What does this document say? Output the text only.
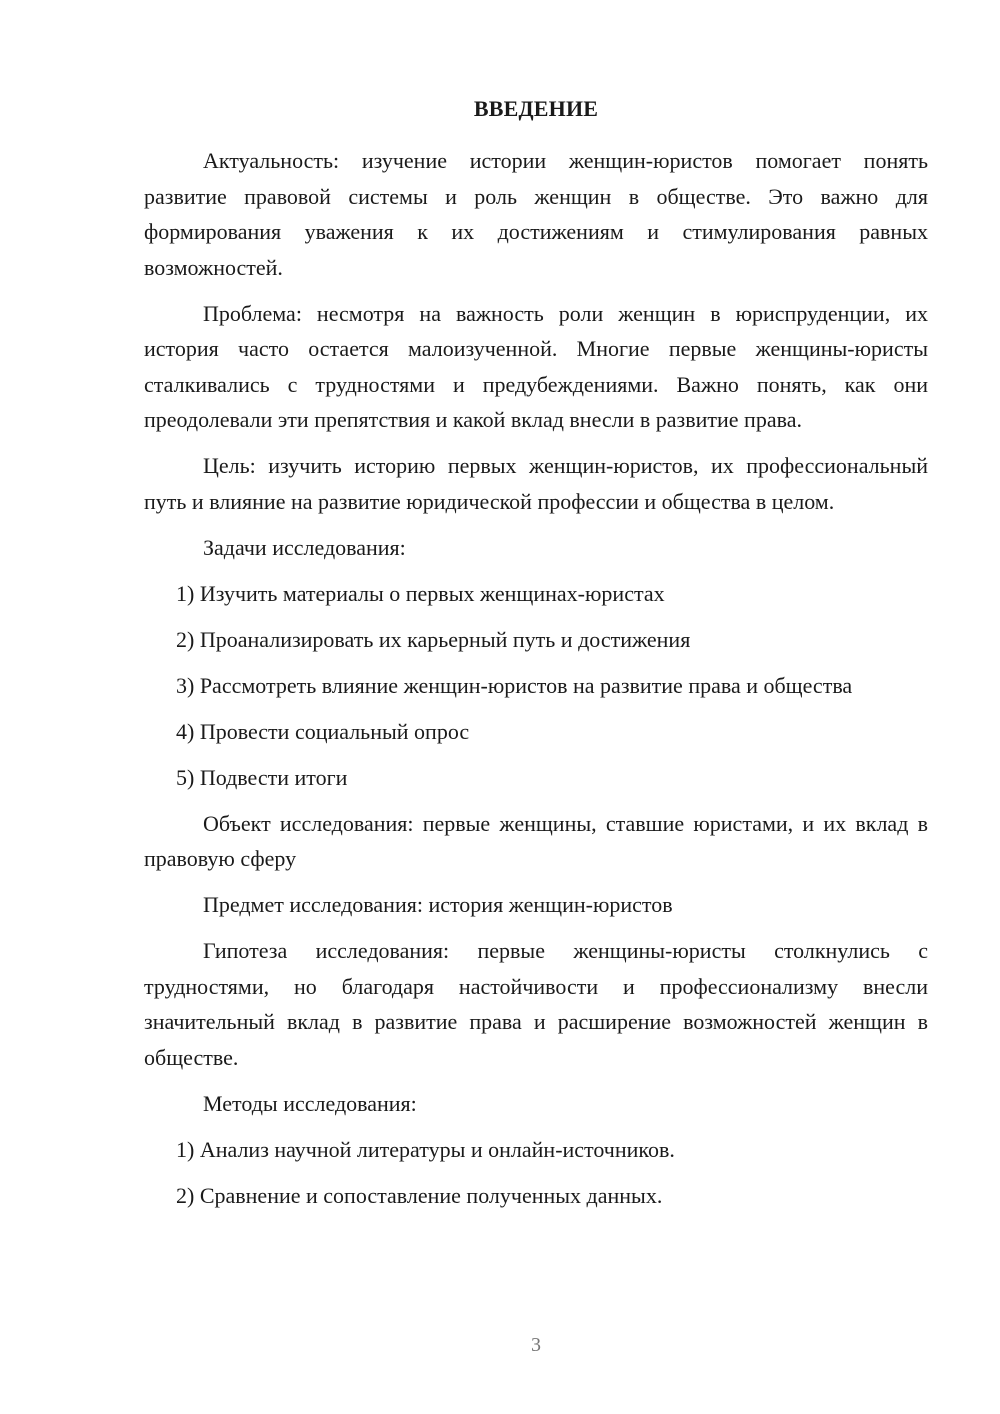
ВВЕДЕНИЕ

Актуальность: изучение истории женщин-юристов помогает понять развитие правовой системы и роль женщин в обществе. Это важно для формирования уважения к их достижениям и стимулирования равных возможностей.

Проблема: несмотря на важность роли женщин в юриспруденции, их история часто остается малоизученной. Многие первые женщины-юристы сталкивались с трудностями и предубеждениями. Важно понять, как они преодолевали эти препятствия и какой вклад внесли в развитие права.

Цель: изучить историю первых женщин-юристов, их профессиональный путь и влияние на развитие юридической профессии и общества в целом.

Задачи исследования:

1) Изучить материалы о первых женщинах-юристах

2) Проанализировать их карьерный путь и достижения

3) Рассмотреть влияние женщин-юристов на развитие права и общества

4) Провести социальный опрос

5) Подвести итоги

Объект исследования: первые женщины, ставшие юристами, и их вклад в правовую сферу

Предмет исследования: история женщин-юристов

Гипотеза исследования: первые женщины-юристы столкнулись с трудностями, но благодаря настойчивости и профессионализму внесли значительный вклад в развитие права и расширение возможностей женщин в обществе.

Методы исследования:

1) Анализ научной литературы и онлайн-источников.

2) Сравнение и сопоставление полученных данных.

3
